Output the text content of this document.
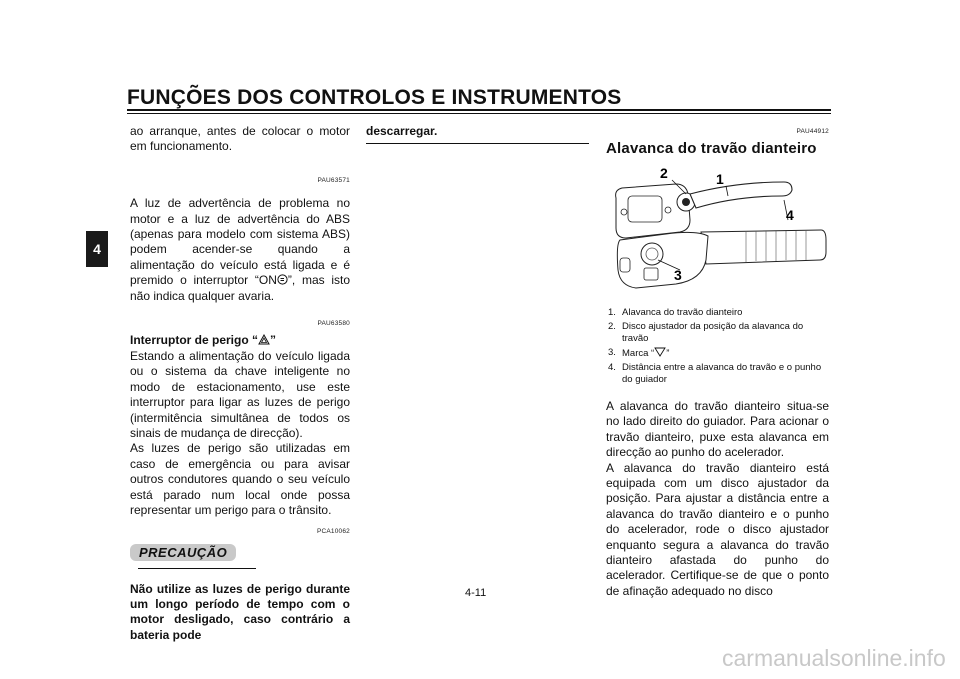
FUNÇÕES DOS CONTROLOS E INSTRUMENTOS
4

ao arranque, antes de colocar o motor em funcionamento.

PAU63571

A luz de advertência de problema no motor e a luz de advertência do ABS (apenas para modelo com sistema ABS) podem acender-se quando a alimentação do veículo está ligada e é premido o interruptor “ON ”, mas isto não indica qualquer avaria.

PAU63580

Interruptor de perigo “ ”

Estando a alimentação do veículo ligada ou o sistema da chave inteligente no modo de estacionamento, use este interruptor para ligar as luzes de perigo (intermitência simultânea de todos os sinais de mudança de direcção).

As luzes de perigo são utilizadas em caso de emergência ou para avisar outros condutores quando o seu veículo está parado num local onde possa representar um perigo para o trânsito.

PCA10062
PRECAUÇÃO

Não utilize as luzes de perigo durante um longo período de tempo com o motor desligado, caso contrário a bateria pode

descarregar.	PAU44912
Alavanca do travão dianteiro
2	1
4
3
1. Alavanca do travão dianteiro
2. Disco ajustador da posição da alavanca do travão
3. Marca “ ”
4. Distância entre a alavanca do travão e o punho do guiador

A alavanca do travão dianteiro situa-se no lado direito do guiador. Para acionar o travão dianteiro, puxe esta alavanca em direcção ao punho do acelerador.

A alavanca do travão dianteiro está equipada com um disco ajustador da posição. Para ajustar a distância entre a alavanca do travão dianteiro e o punho do acelerador, rode o disco ajustador enquanto segura a alavanca do travão dianteiro afastada do punho do acelerador. Certifique-se de que o ponto de afinação adequado no disco

4-11
carmanualsonline.info
